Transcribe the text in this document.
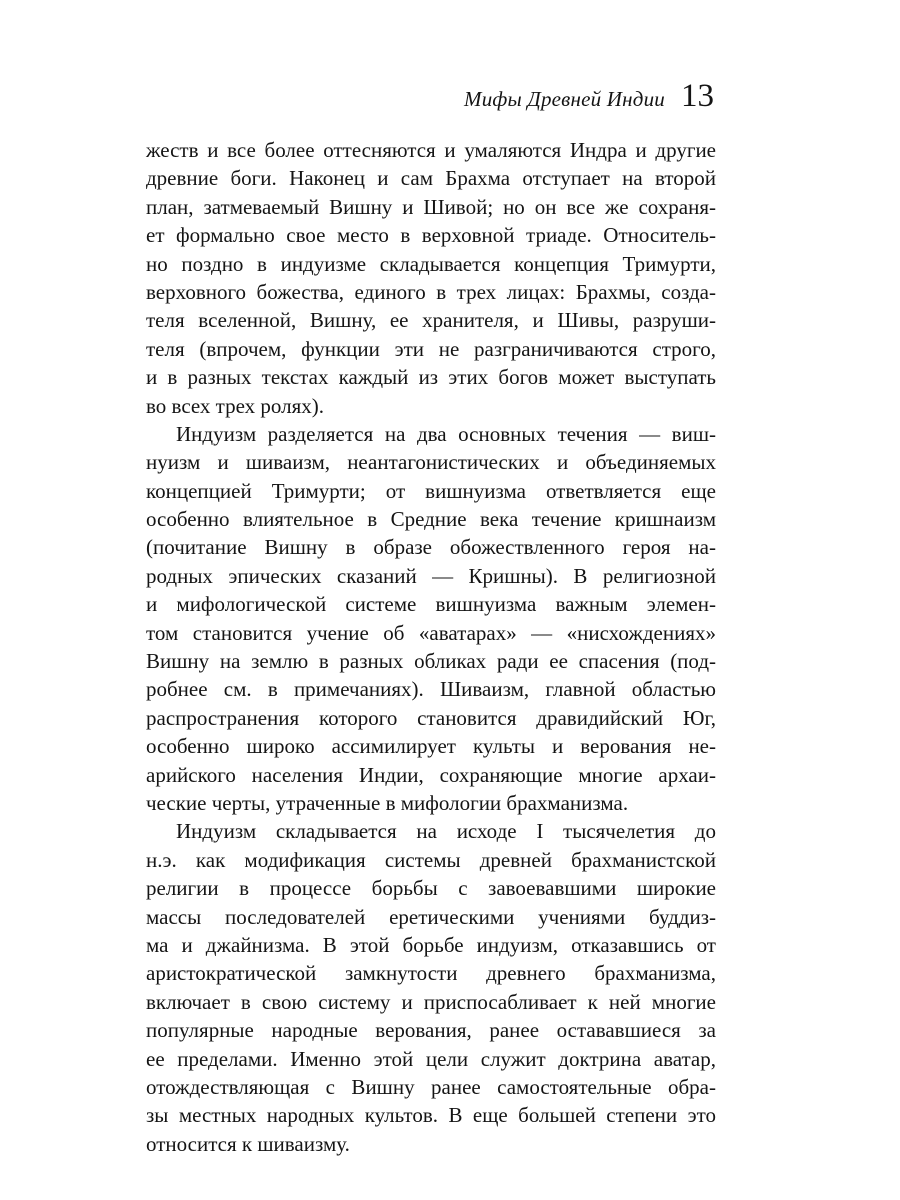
Мифы Древней Индии 13

жеств и все более оттесняются и умаляются Индра и другие
древние боги. Наконец и сам Брахма отступает на второй
план, затмеваемый Вишну и Шивой; но он все же сохраня-
ет формально свое место в верховной триаде. Относитель-
но поздно в индуизме складывается концепция Тримурти,
верховного божества, единого в трех лицах: Брахмы, созда-
теля вселенной, Вишну, ее хранителя, и Шивы, разруши-
теля (впрочем, функции эти не разграничиваются строго,
и в разных текстах каждый из этих богов может выступать
во всех трех ролях).

Индуизм разделяется на два основных течения — виш-
нуизм и шиваизм, неантагонистических и объединяемых
концепцией Тримурти; от вишнуизма ответвляется еще
особенно влиятельное в Средние века течение кришнаизм
(почитание Вишну в образе обожествленного героя на-
родных эпических сказаний — Кришны). В религиозной
и мифологической системе вишнуизма важным элемен-
том становится учение об «аватарах» — «нисхождениях»
Вишну на землю в разных обликах ради ее спасения (под-
робнее см. в примечаниях). Шиваизм, главной областью
распространения которого становится дравидийский Юг,
особенно широко ассимилирует культы и верования не-
арийского населения Индии, сохраняющие многие архаи-
ческие черты, утраченные в мифологии брахманизма.

Индуизм складывается на исходе I тысячелетия до
н.э. как модификация системы древней брахманистской
религии в процессе борьбы с завоевавшими широкие
массы последователей еретическими учениями буддиз-
ма и джайнизма. В этой борьбе индуизм, отказавшись от
аристократической замкнутости древнего брахманизма,
включает в свою систему и приспосабливает к ней многие
популярные народные верования, ранее остававшиеся за
ее пределами. Именно этой цели служит доктрина аватар,
отождествляющая с Вишну ранее самостоятельные обра-
зы местных народных культов. В еще большей степени это
относится к шиваизму.
